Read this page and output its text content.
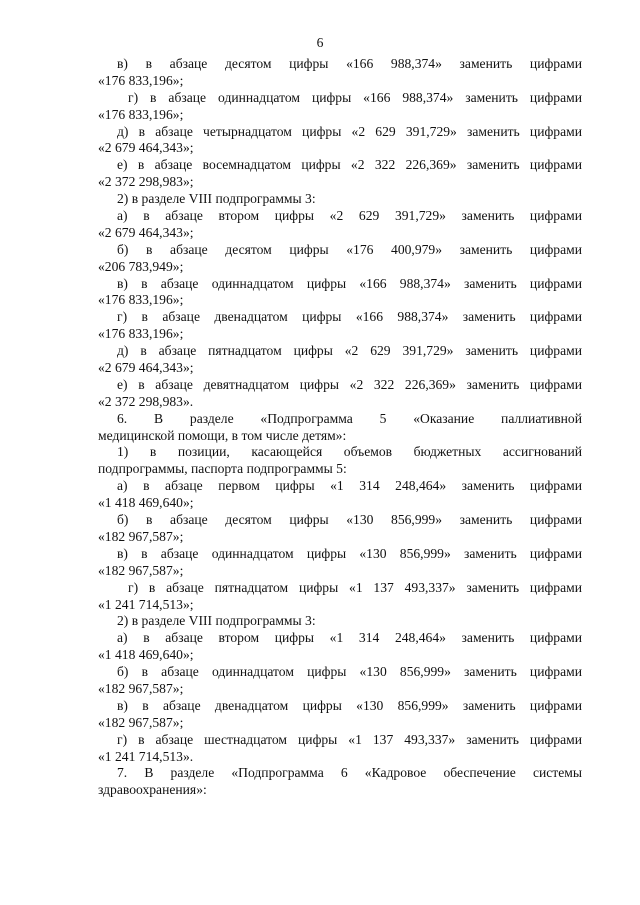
6
в) в абзаце десятом цифры «166 988,374» заменить цифрами
«176 833,196»;
г) в абзаце одиннадцатом цифры «166 988,374» заменить цифрами
«176 833,196»;
д) в абзаце четырнадцатом цифры «2 629 391,729» заменить цифрами
«2 679 464,343»;
е) в абзаце восемнадцатом цифры «2 322 226,369» заменить цифрами
«2 372 298,983»;
2) в разделе VIII подпрограммы 3:
а) в абзаце втором цифры «2 629 391,729» заменить цифрами
«2 679 464,343»;
б) в абзаце десятом цифры «176 400,979» заменить цифрами
«206 783,949»;
в) в абзаце одиннадцатом цифры «166 988,374» заменить цифрами
«176 833,196»;
г) в абзаце двенадцатом цифры «166 988,374» заменить цифрами
«176 833,196»;
д) в абзаце пятнадцатом цифры «2 629 391,729» заменить цифрами
«2 679 464,343»;
е) в абзаце девятнадцатом цифры «2 322 226,369» заменить цифрами
«2 372 298,983».
6. В разделе «Подпрограмма 5 «Оказание паллиативной
медицинской помощи, в том числе детям»:
1) в позиции, касающейся объемов бюджетных ассигнований
подпрограммы, паспорта подпрограммы 5:
а) в абзаце первом цифры «1 314 248,464» заменить цифрами
«1 418 469,640»;
б) в абзаце десятом цифры «130 856,999» заменить цифрами
«182 967,587»;
в) в абзаце одиннадцатом цифры «130 856,999» заменить цифрами
«182 967,587»;
г) в абзаце пятнадцатом цифры «1 137 493,337» заменить цифрами
«1 241 714,513»;
2) в разделе VIII подпрограммы 3:
а) в абзаце втором цифры «1 314 248,464» заменить цифрами
«1 418 469,640»;
б) в абзаце одиннадцатом цифры «130 856,999» заменить цифрами
«182 967,587»;
в) в абзаце двенадцатом цифры «130 856,999» заменить цифрами
«182 967,587»;
г) в абзаце шестнадцатом цифры «1 137 493,337» заменить цифрами
«1 241 714,513».
7. В разделе «Подпрограмма 6 «Кадровое обеспечение системы
здравоохранения»:
